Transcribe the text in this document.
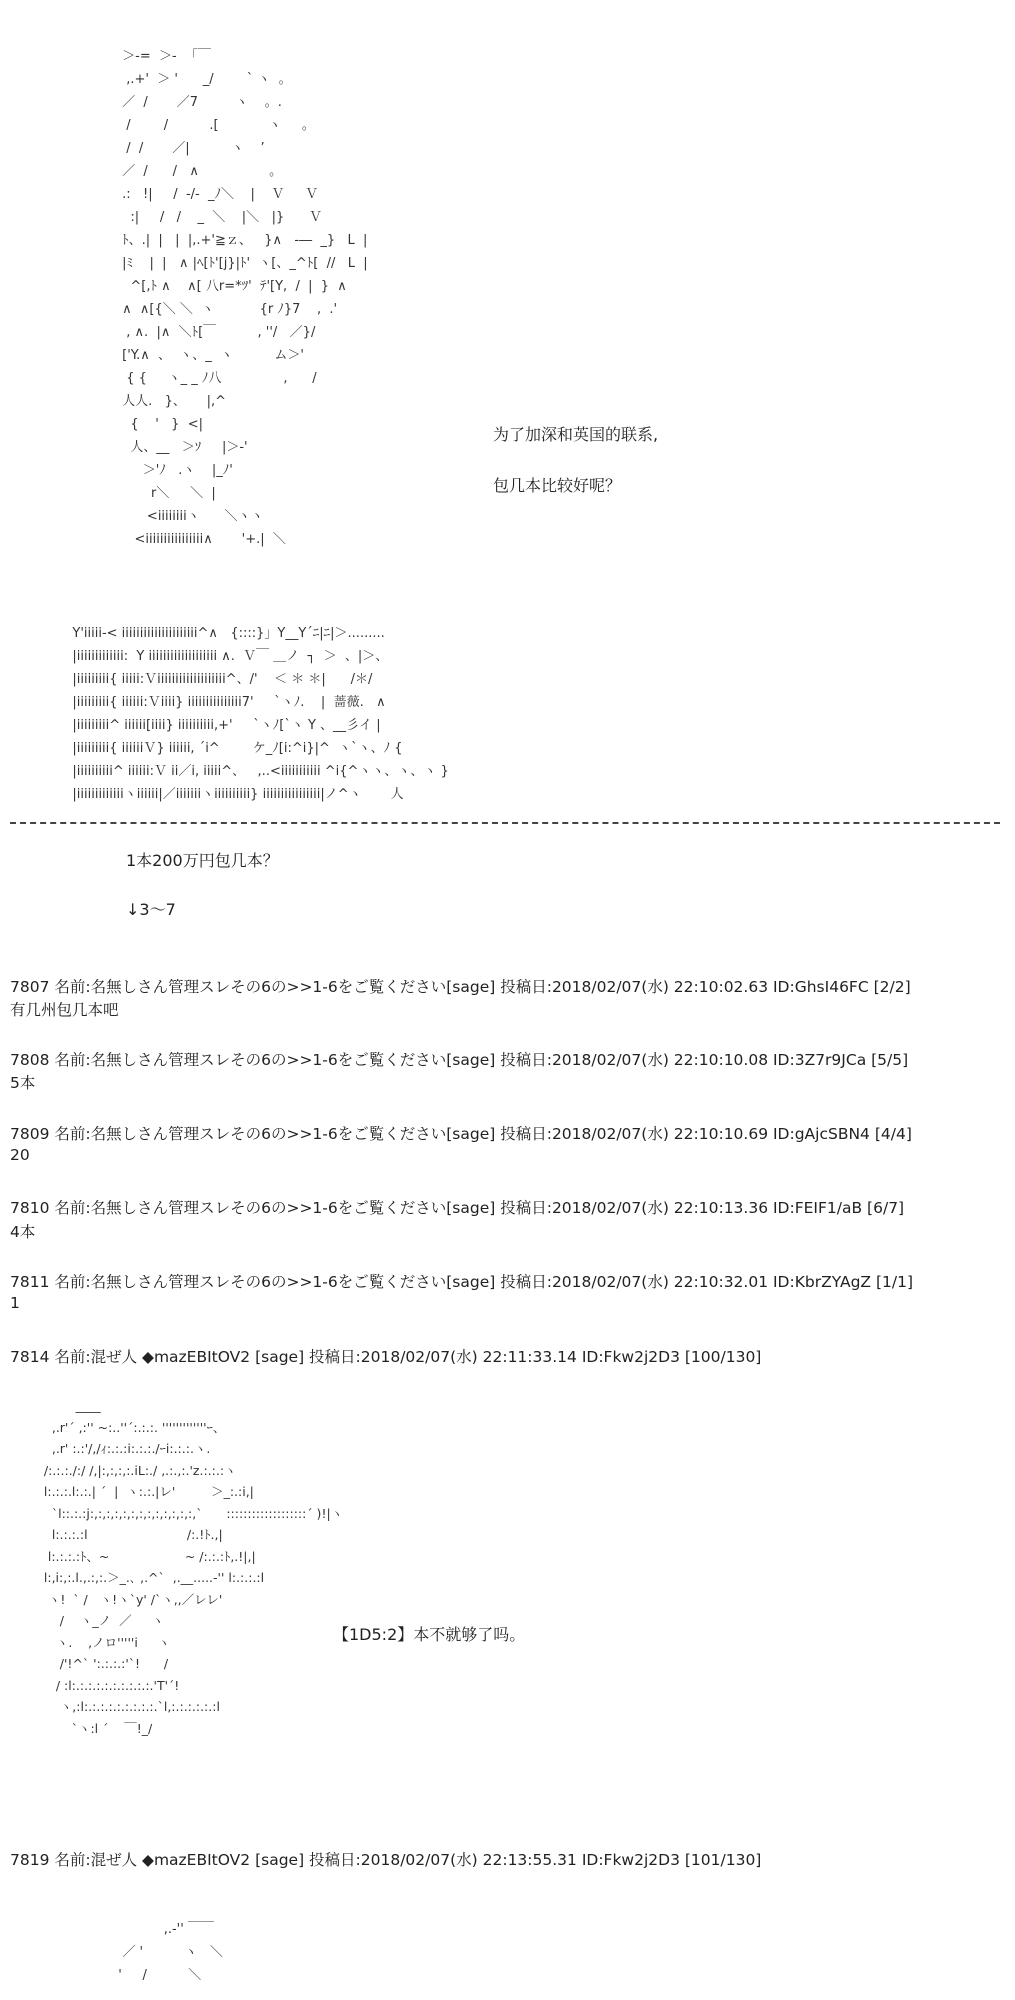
＞-=  ＞-  「￣
,.+'  ＞ '      _/        ` ヽ  。
／  /       ／7         ヽ    。.
/        /          .[            ヽ     。
/  /       ／|          ヽ    ’
／  /      /   ∧                 。
.:   !|     /  -/-  _ﾉ＼    |    Ｖ     Ｖ
:|     /   /    _  ＼    |＼   |}      Ｖ
ﾄ、.|  |   |  |,.+'≧ｚ、   }∧   ‐―  _}   L  |
|ﾐ    |  |   ∧ |ﾍ[ﾄ'[j}|ﾄ'  ヽ[、_^ﾄ[  //   L  |
^[,ﾄ ∧    ∧[ 八r=*ﾂ'  ﾃ'[Y,  /  |  }  ∧
∧  ∧[{＼ ＼  ヽ           {r ﾉ}7    ,  .'
, ∧.  |∧  ＼ﾄ[￣          , ''/   ／}/
['Y.∧  、  ヽ、_  ヽ          ム＞'
{ {     ヽ_ _ ﾉ八               ,      /
人人.   }、     |,^
{    '   }  <|
人、__   ＞ｿ     |＞-'
＞'ﾉ   .ヽ    |_ﾉ'
r＼     ＼  |
<iiiiiiiiヽ      ＼ヽヽ
<iiiiiiiiiiiiiiii∧       '+.|  ＼
Y'iiiii-< iiiiiiiiiiiiiiiiiiiii^∧   {::::}」Y__Y´ﾆ|ﾆ|＞.........
|iiiiiiiiiiiii:  Y iiiiiiiiiiiiiiiiiii ∧.  Ｖ￣ ＿ノ  ┐  ＞  、|＞、
|iiiiiiiii{ iiiii:Ｖiiiiiiiiiiiiiiiiiii^、/'    ＜ ＊ ＊|      /＊/
|iiiiiiiii{ iiiiii:Ｖiiii} iiiiiiiiiiiiiii7'     `ヽﾉ.    |  蔷薇.   ∧
|iiiiiiiii^ iiiiii[iiii} iiiiiiiiii,+'     `ヽﾉ[`ヽ Y 、__彡イ |
|iiiiiiiii{ iiiiiiＶ} iiiiii, ´i^        ケ_ﾉ[i:^i}|^  ヽ`ヽ、ﾉ {
|iiiiiiiiii^ iiiiii:Ｖ ii／i, iiiii^、   ,..<iiiiiiiiiii ^i{^ヽヽ、ヽ、ヽ }
|iiiiiiiiiiiiiヽiiiiii|／iiiiiiiヽiiiiiiiiii} iiiiiiiiiiiiiiii|ノ^ヽ       人
为了加深和英国的联系,
包几本比较好呢？
1本200万円包几本？
↓3～7
7807 名前:名無しさん管理スレその6の>>1-6をご覧ください[sage] 投稿日:2018/02/07(水) 22:10:02.63 ID:GhsI46FC [2/2]
有几州包几本吧
7808 名前:名無しさん管理スレその6の>>1-6をご覧ください[sage] 投稿日:2018/02/07(水) 22:10:10.08 ID:3Z7r9JCa [5/5]
5本
7809 名前:名無しさん管理スレその6の>>1-6をご覧ください[sage] 投稿日:2018/02/07(水) 22:10:10.69 ID:gAjcSBN4 [4/4]
20
7810 名前:名無しさん管理スレその6の>>1-6をご覧ください[sage] 投稿日:2018/02/07(水) 22:10:13.36 ID:FEIF1/aB [6/7]
4本
7811 名前:名無しさん管理スレその6の>>1-6をご覧ください[sage] 投稿日:2018/02/07(水) 22:10:32.01 ID:KbrZYAgZ [1/1]
1
7814 名前:混ぜ人 ◆mazEBItOV2 [sage] 投稿日:2018/02/07(水) 22:11:33.14 ID:Fkw2j2D3 [100/130]
____
,.r'´ ,:'' ~:..''´:.:.:. '''''''''''''ｰ、
,.r' :.:'/,/ｨ:.:.:i:.:.:./ｰi:.:.:.ヽ.
/:.:.:./:/ /,|:,:,:,:.iL:./ ,.:.,:.'z.:.:.:ヽ
l:.:.:.l:.:.| ´  |  ヽ:.:.|レ'         ＞_:.:i,|
`l::.:.:j:,:,:,:,:,:,:,:,:,:,:,:,:,`      :::::::::::::::::::´ )!|ヽ
l:.:.:.:l                         /:.!ﾄ.,|
l:.:.:.:ﾄ、~                   ~ /:.:.:ﾄ,.!|,|
l:,i:,:.l.,.:,:.＞_.､ ,.^`  ,.__.....-'' l:.:.:.:l
ヽ!  ` /   ヽ!ヽ`y' /`ヽ,,／レレ'
/    ヽ_ノ  ／     ヽ
ヽ.    ,ノロ'''''i     ヽ
/'!^` ':.:.:.:'`!      /
/ :l:.:.:.:.:.:.:.:.:.:.'T'´!
ヽ,:l:.:.:.:.:.:.:.:.:.`l,:.:.:.:.:.:l
`ヽ:l ´    ￣!_/
【1D5:2】本不就够了吗。
7819 名前:混ぜ人 ◆mazEBItOV2 [sage] 投稿日:2018/02/07(水) 22:13:55.31 ID:Fkw2j2D3 [101/130]
,.-'' ￣￣
／ '          ヽ   ＼
'     /          ＼
